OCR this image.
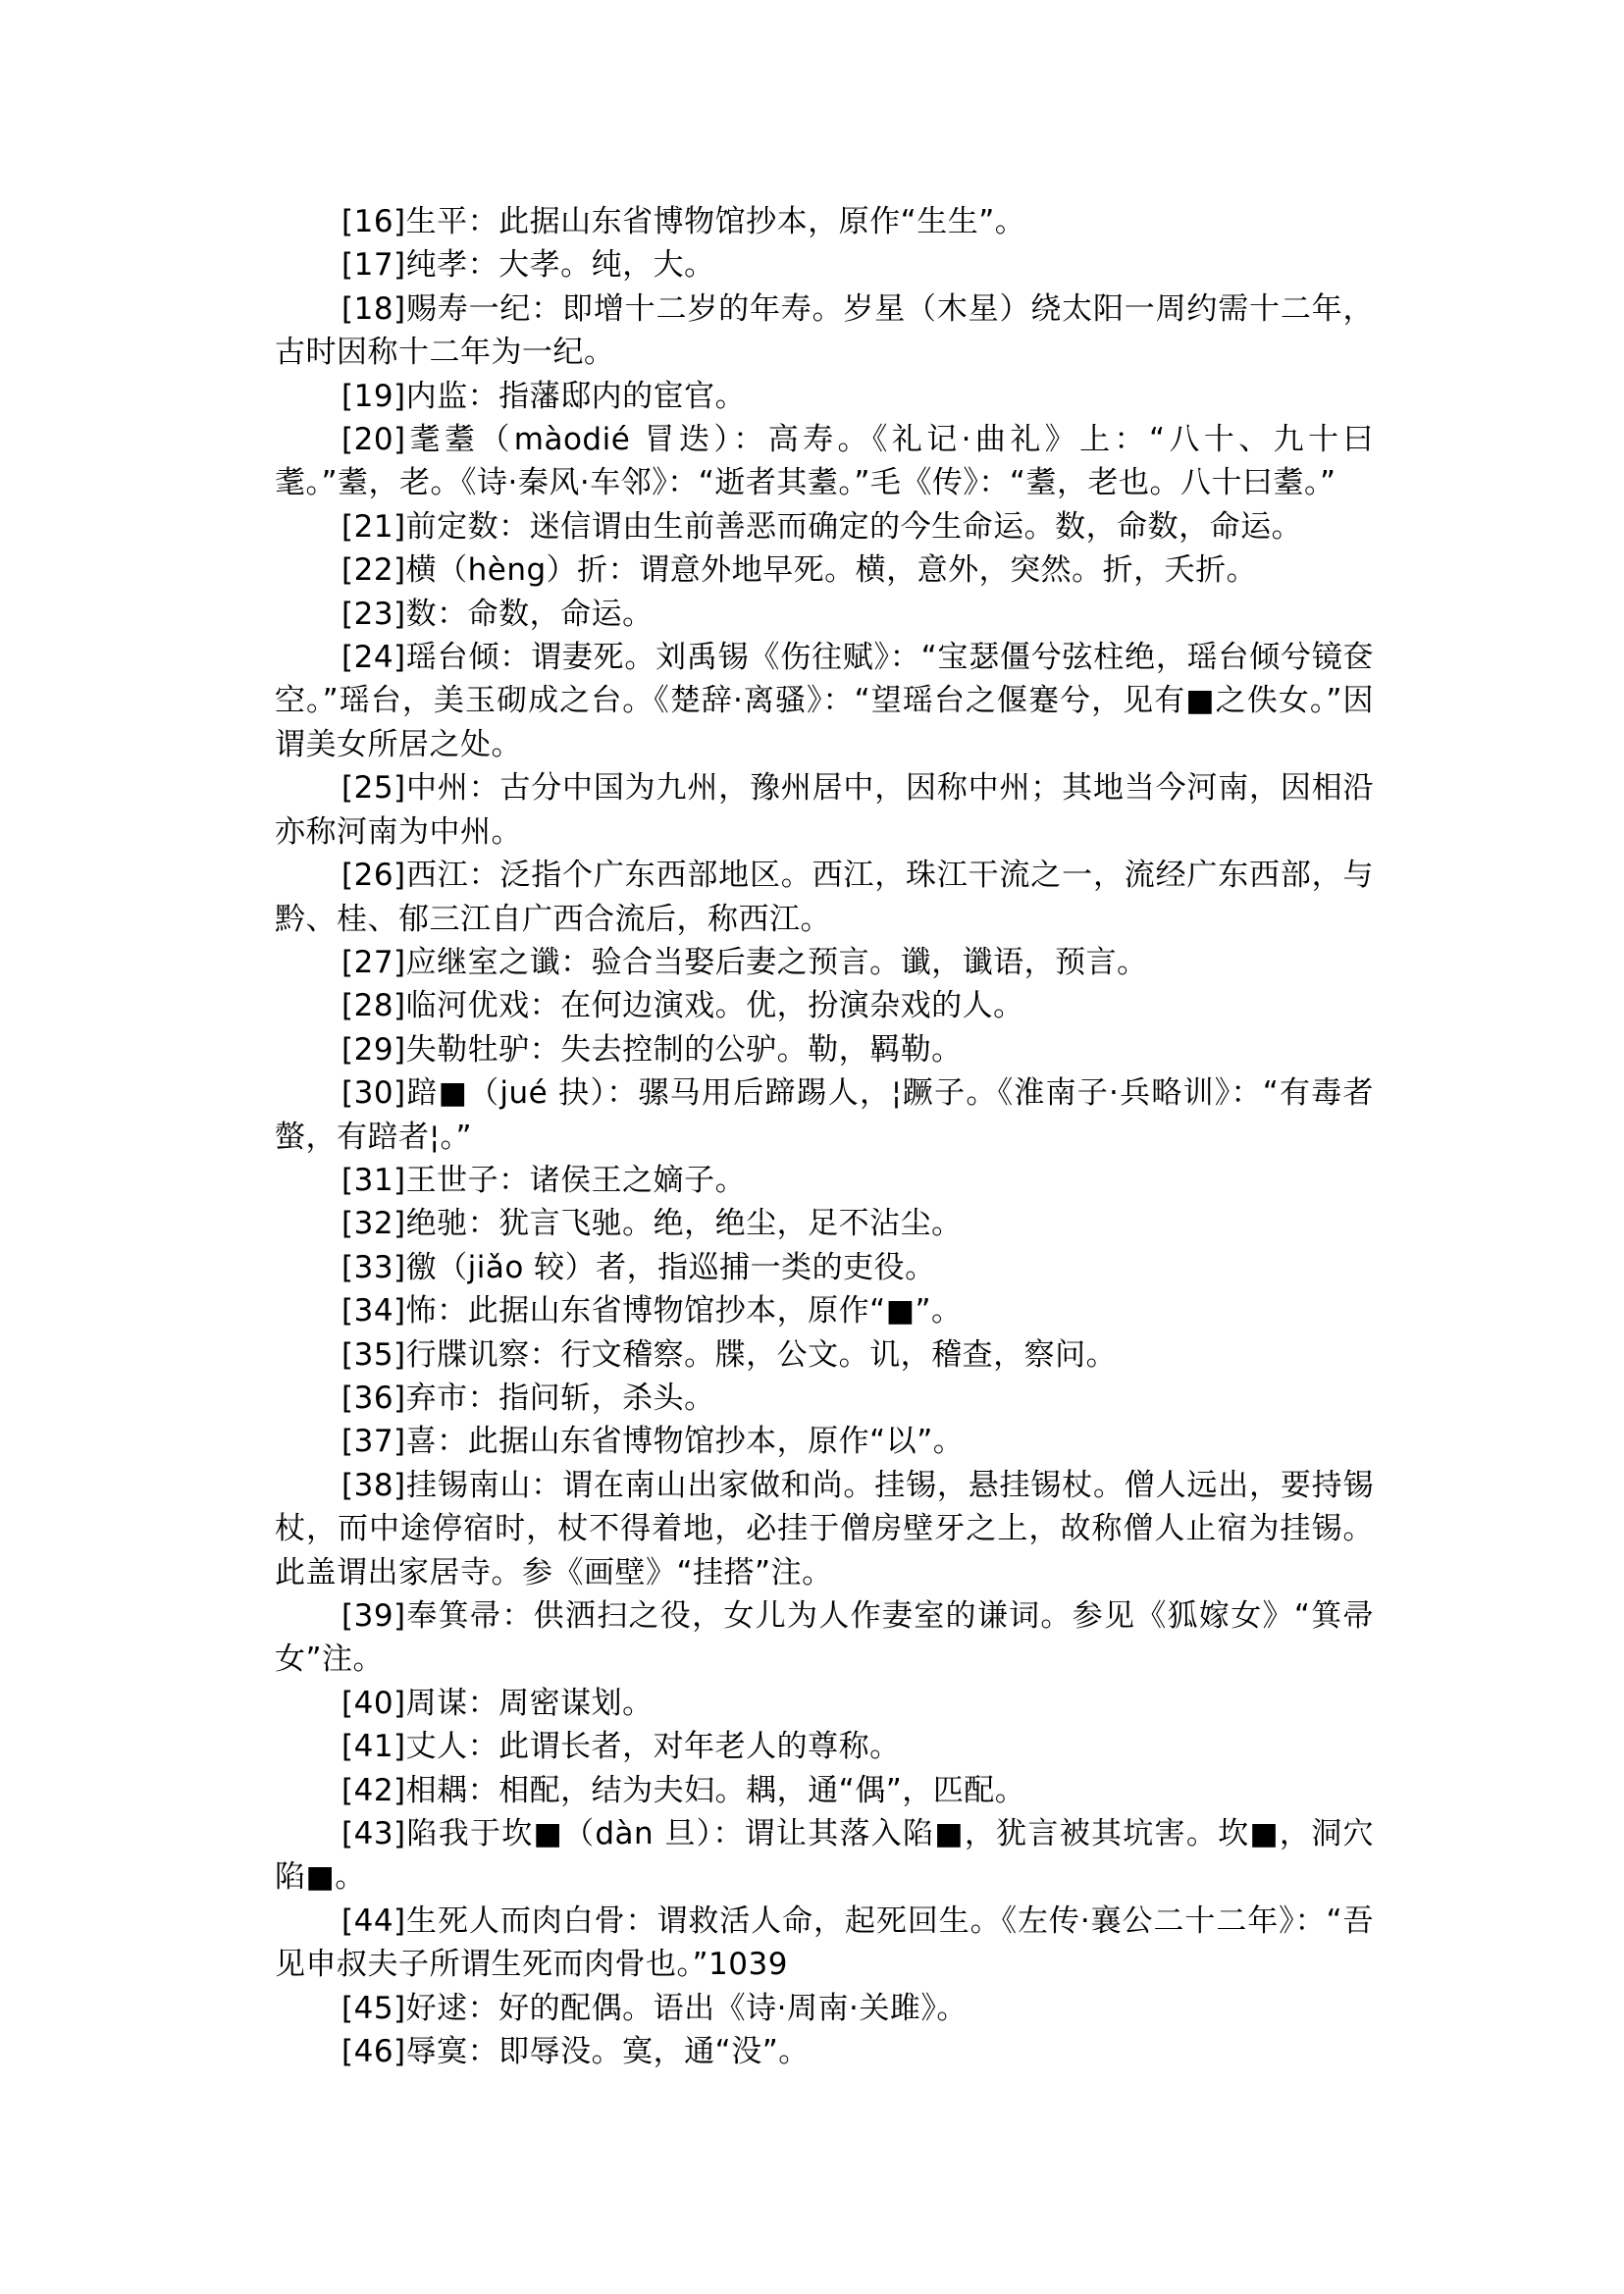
[16]生平：此据山东省博物馆抄本，原作“生生”。

[17]纯孝：大孝。纯，大。

[18]赐寿一纪：即增十二岁的年寿。岁星（木星）绕太阳一周约需十二年，古时因称十二年为一纪。

[19]内监：指藩邸内的宦官。

[20]耄耋（màodié 冒迭）：高寿。《礼记·曲礼》上：“八十、九十曰耄。”耋，老。《诗·秦风·车邻》：“逝者其耋。”毛《传》：“耋，老也。八十曰耋。”

[21]前定数：迷信谓由生前善恶而确定的今生命运。数，命数，命运。

[22]横（hèng）折：谓意外地早死。横，意外，突然。折，夭折。

[23]数：命数，命运。

[24]瑶台倾：谓妻死。刘禹锡《伤往赋》：“宝瑟僵兮弦柱绝，瑶台倾兮镜奁空。”瑶台，美玉砌成之台。《楚辞·离骚》：“望瑶台之偃蹇兮，见有■之佚女。”因谓美女所居之处。

[25]中州：古分中国为九州，豫州居中，因称中州；其地当今河南，因相沿亦称河南为中州。

[26]西江：泛指个广东西部地区。西江，珠江干流之一，流经广东西部，与黔、桂、郁三江自广西合流后，称西江。

[27]应继室之谶：验合当娶后妻之预言。谶，谶语，预言。

[28]临河优戏：在何边演戏。优，扮演杂戏的人。

[29]失勒牡驴：失去控制的公驴。勒，羁勒。

[30]踣■（jué 抉）：骡马用后蹄踢人，¦蹶子。《淮南子·兵略训》：“有毒者螫，有踣者¦。”

[31]王世子：诸侯王之嫡子。

[32]绝驰：犹言飞驰。绝，绝尘，足不沾尘。

[33]徼（jiǎo 较）者，指巡捕一类的吏役。

[34]怖：此据山东省博物馆抄本，原作“■”。

[35]行牒讥察：行文稽察。牒，公文。讥，稽查，察问。

[36]弃市：指问斩，杀头。

[37]喜：此据山东省博物馆抄本，原作“以”。

[38]挂锡南山：谓在南山出家做和尚。挂锡，悬挂锡杖。僧人远出，要持锡杖，而中途停宿时，杖不得着地，必挂于僧房壁牙之上，故称僧人止宿为挂锡。此盖谓出家居寺。参《画壁》“挂搭”注。

[39]奉箕帚：供洒扫之役，女儿为人作妻室的谦词。参见《狐嫁女》“箕帚女”注。

[40]周谋：周密谋划。

[41]丈人：此谓长者，对年老人的尊称。

[42]相耦：相配，结为夫妇。耦，通“偶”，匹配。

[43]陷我于坎■（dàn 旦）：谓让其落入陷■，犹言被其坑害。坎■，洞穴陷■。

[44]生死人而肉白骨：谓救活人命，起死回生。《左传·襄公二十二年》：“吾见申叔夫子所谓生死而肉骨也。”1039

[45]好逑：好的配偶。语出《诗·周南·关雎》。

[46]辱寞：即辱没。寞，通“没”。
